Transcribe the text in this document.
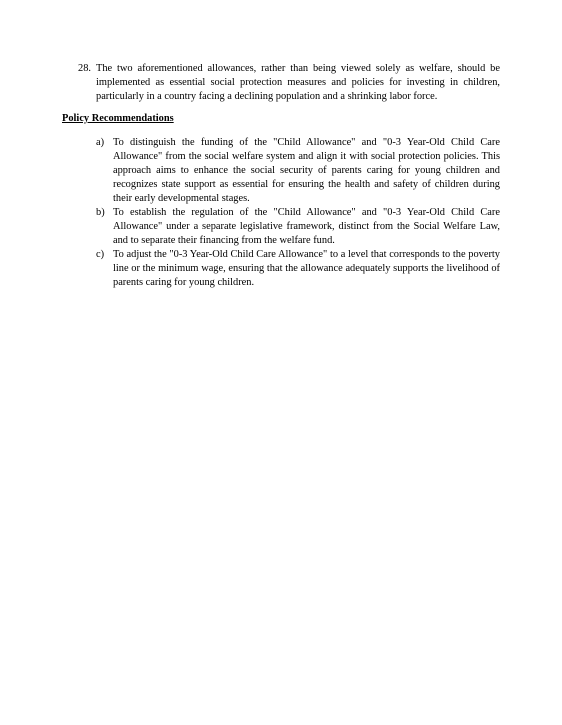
28. The two aforementioned allowances, rather than being viewed solely as welfare, should be implemented as essential social protection measures and policies for investing in children, particularly in a country facing a declining population and a shrinking labor force.
Policy Recommendations
a) To distinguish the funding of the "Child Allowance" and "0-3 Year-Old Child Care Allowance" from the social welfare system and align it with social protection policies. This approach aims to enhance the social security of parents caring for young children and recognizes state support as essential for ensuring the health and safety of children during their early developmental stages.
b) To establish the regulation of the "Child Allowance" and "0-3 Year-Old Child Care Allowance" under a separate legislative framework, distinct from the Social Welfare Law, and to separate their financing from the welfare fund.
c) To adjust the "0-3 Year-Old Child Care Allowance" to a level that corresponds to the poverty line or the minimum wage, ensuring that the allowance adequately supports the livelihood of parents caring for young children.
